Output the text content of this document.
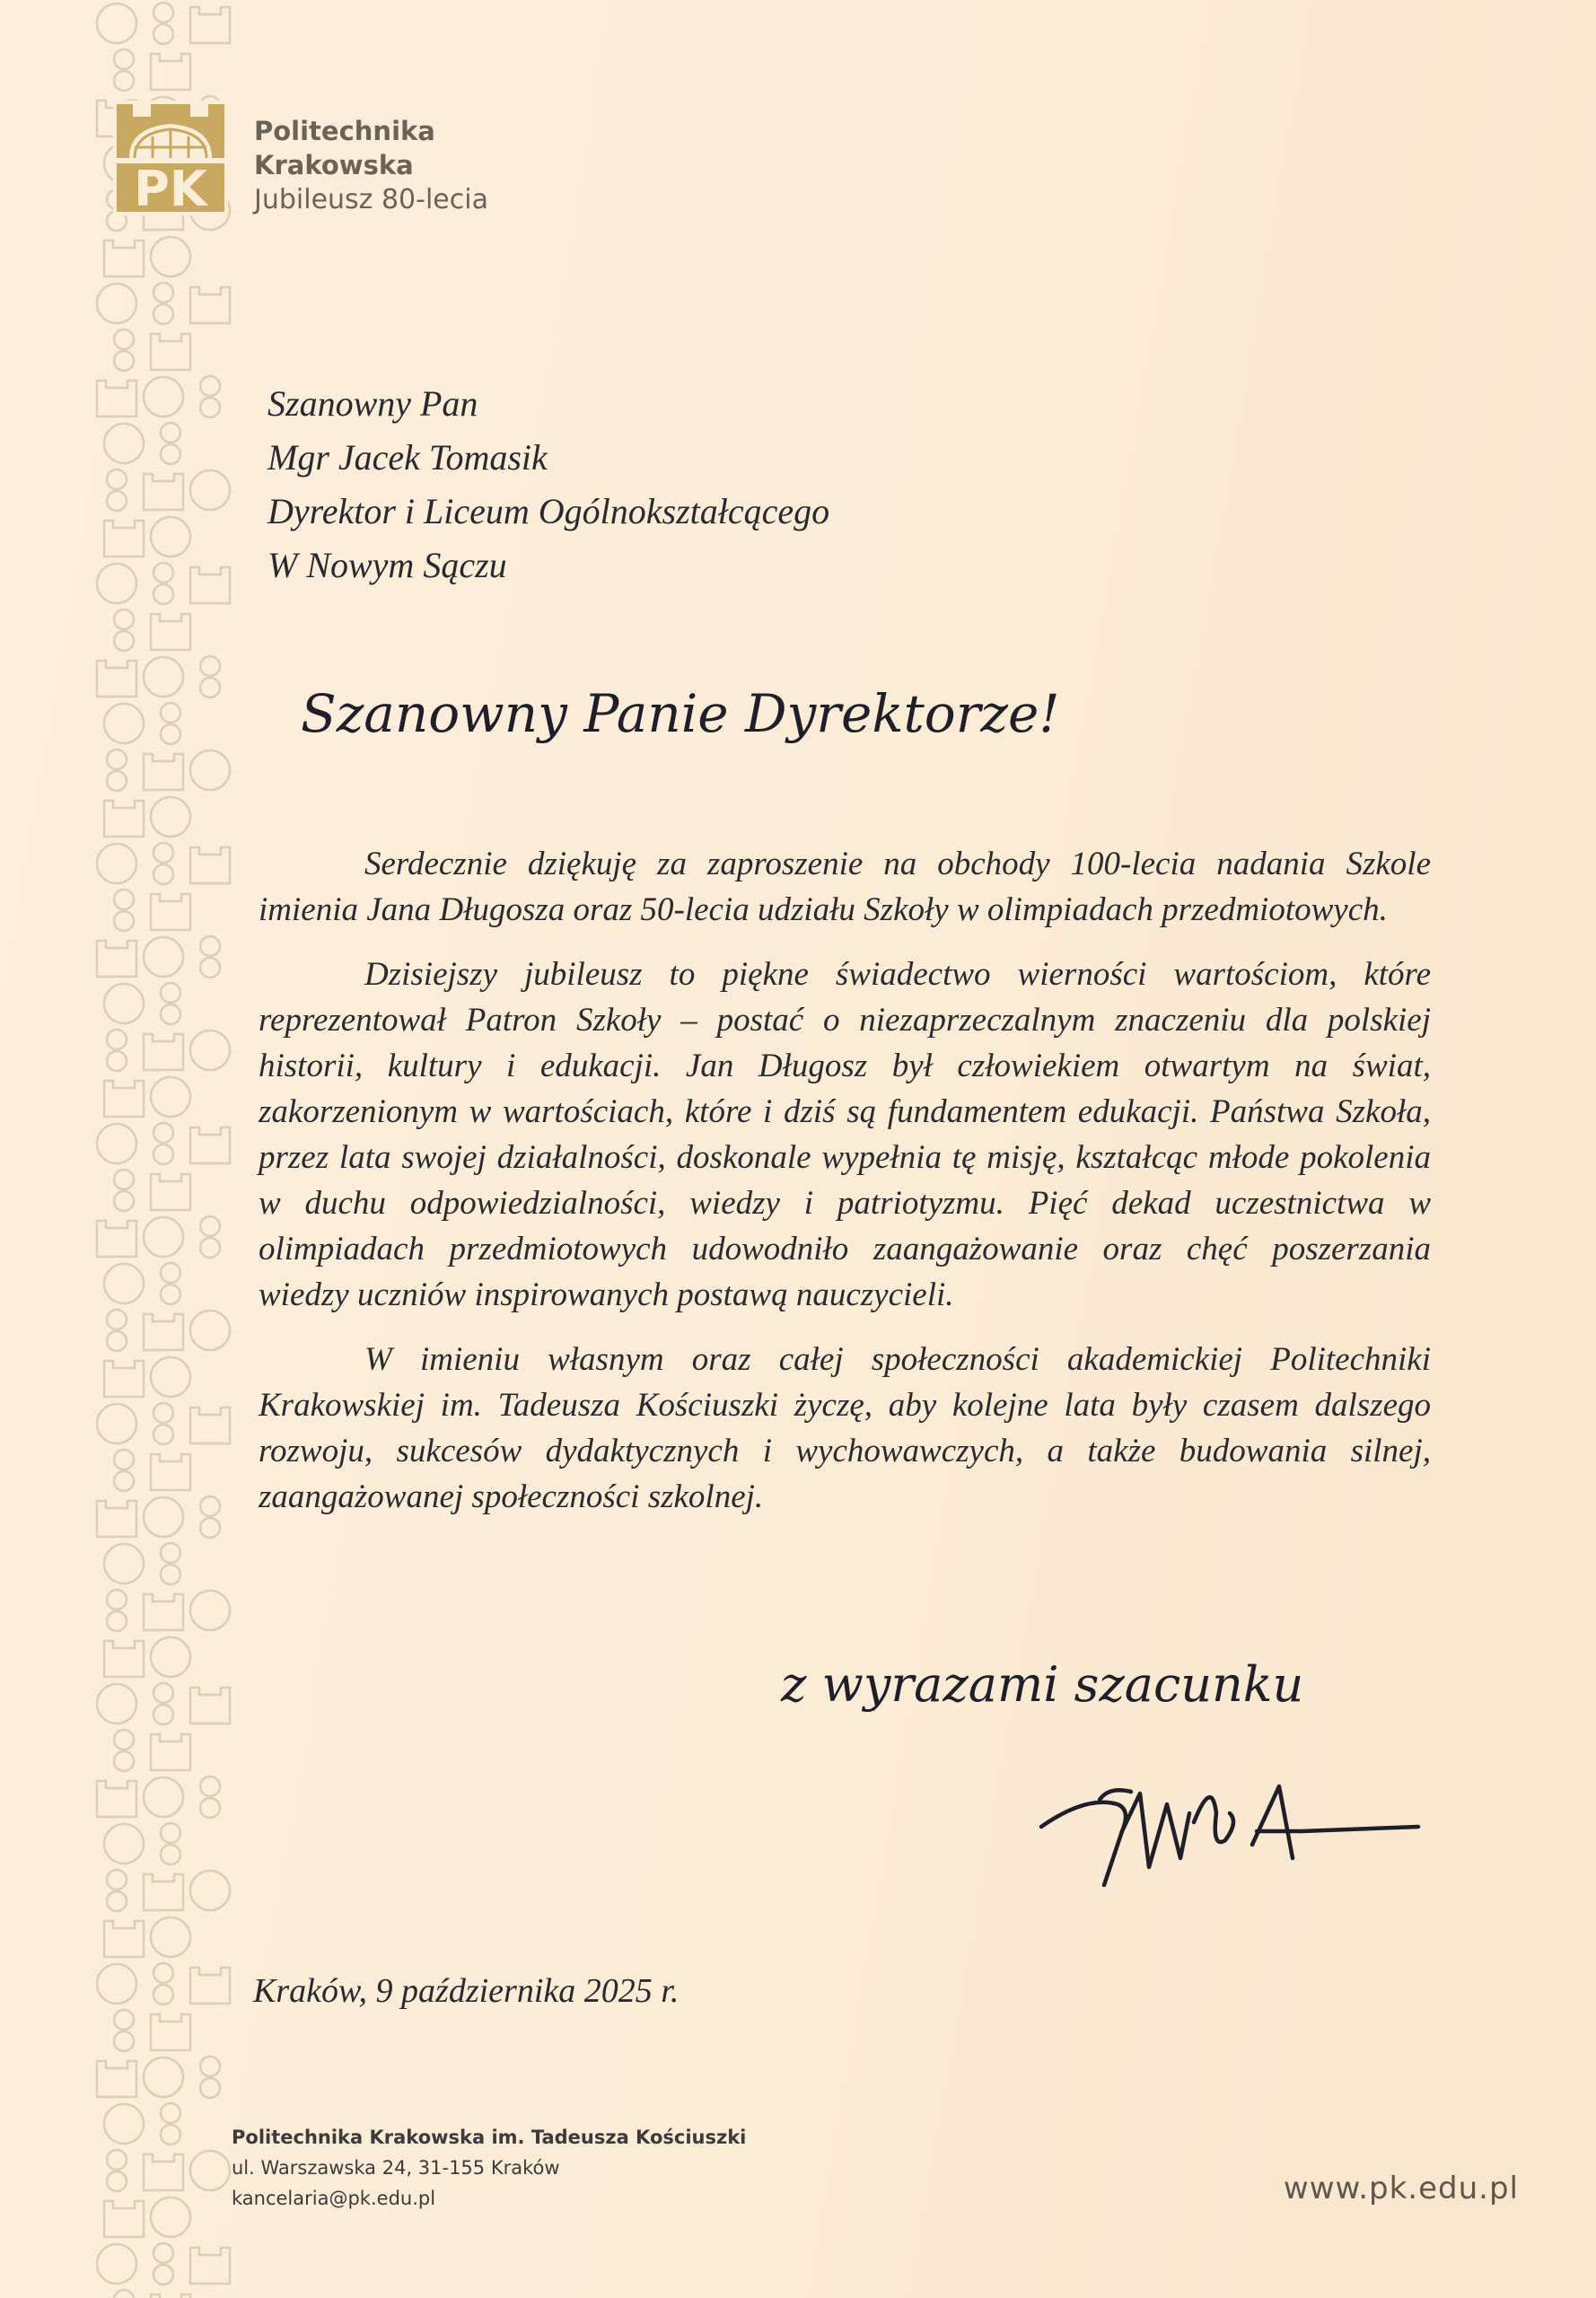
PK
Politechnika
Krakowska
Jubileusz 80-lecia
Szanowny Pan
Mgr Jacek Tomasik
Dyrektor i Liceum Ogólnokształcącego
W Nowym Sączu
Szanowny Panie Dyrektorze!

Serdecznie dziękuję za zaproszenie na obchody 100-lecia nadania Szkole imienia Jana Długosza oraz 50-lecia udziału Szkoły w olimpiadach przedmiotowych.

Dzisiejszy jubileusz to piękne świadectwo wierności wartościom, które reprezentował Patron Szkoły – postać o niezaprzeczalnym znaczeniu dla polskiej historii, kultury i edukacji. Jan Długosz był człowiekiem otwartym na świat, zakorzenionym w wartościach, które i dziś są fundamentem edukacji. Państwa Szkoła, przez lata swojej działalności, doskonale wypełnia tę misję, kształcąc młode pokolenia w duchu odpowiedzialności, wiedzy i patriotyzmu. Pięć dekad uczestnictwa w olimpiadach przedmiotowych udowodniło zaangażowanie oraz chęć poszerzania wiedzy uczniów inspirowanych postawą nauczycieli.

W imieniu własnym oraz całej społeczności akademickiej Politechniki Krakowskiej im. Tadeusza Kościuszki życzę, aby kolejne lata były czasem dalszego rozwoju, sukcesów dydaktycznych i wychowawczych, a także budowania silnej, zaangażowanej społeczności szkolnej.

z wyrazami szacunku
Kraków, 9 października 2025 r.
Politechnika Krakowska im. Tadeusza Kościuszki
ul. Warszawska 24, 31-155 Kraków
kancelaria@pk.edu.pl	www.pk.edu.pl
